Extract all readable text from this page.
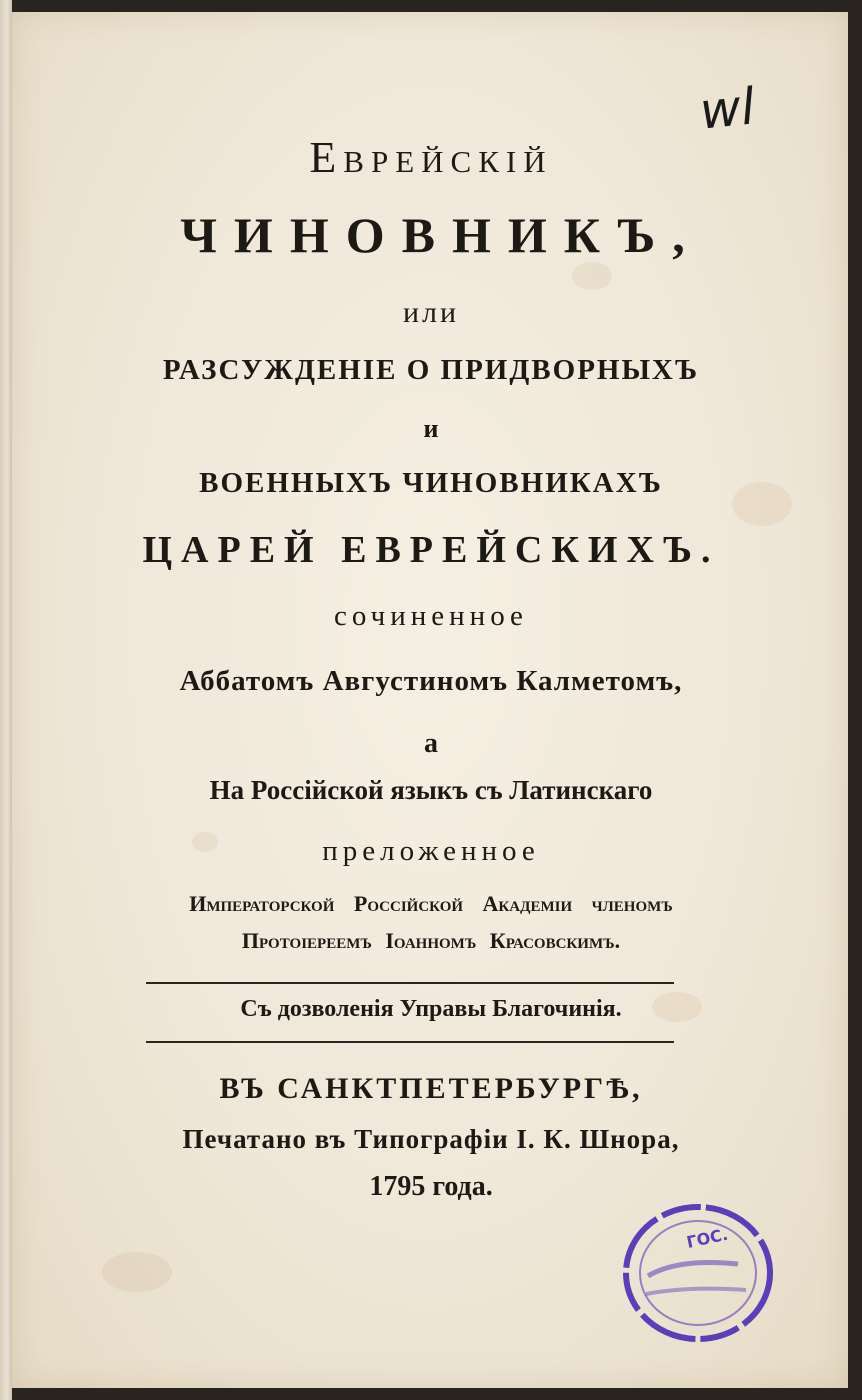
wl
Еврейскій
ЧИНОВНИКЪ,
или
РАЗСУЖДЕНІЕ О ПРИДВОРНЫХЪ
и
ВОЕННЫХЪ ЧИНОВНИКАХЪ
ЦАРЕЙ ЕВРЕЙСКИХЪ.
сочиненное
Аббатомъ Августиномъ Калметомъ,
а
На Россійской языкъ съ Латинскаго
преложенное
Императорской Россійской Академіи членомъ
Протоіереемъ Іоанномъ Красовскимъ.
Съ дозволенія Управы Благочинія.
ВЪ САНКТПЕТЕРБУРГѢ,
Печатано въ Типографіи I. К. Шнора,
1795 года.
ГОС.
